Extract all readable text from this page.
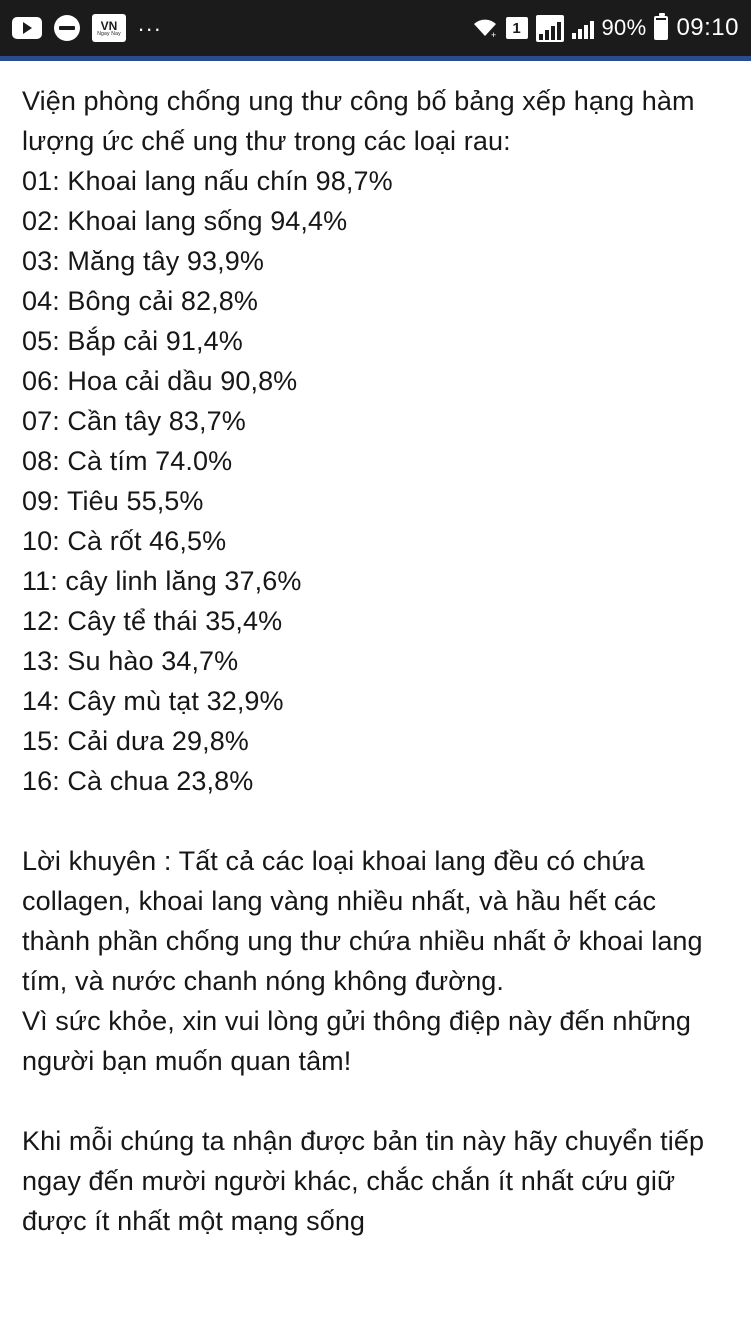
VN
Ngay Nay ...	+	1	90% 09:10

Viện phòng chống ung thư công bố bảng xếp hạng hàm lượng ức chế ung thư trong các loại rau:

01: Khoai lang nấu chín 98,7%
02: Khoai lang sống 94,4%
03: Măng tây 93,9%
04: Bông cải 82,8%
05: Bắp cải 91,4%
06: Hoa cải dầu 90,8%
07: Cần tây 83,7%
08: Cà tím 74.0%
09: Tiêu 55,5%
10: Cà rốt 46,5%
11: cây linh lăng 37,6%
12: Cây tể thái 35,4%
13: Su hào 34,7%
14: Cây mù tạt 32,9%
15: Cải dưa 29,8%
16: Cà chua 23,8%

Lời khuyên : Tất cả các loại khoai lang đều có chứa collagen, khoai lang vàng nhiều nhất, và hầu hết các thành phần chống ung thư chứa nhiều nhất ở khoai lang tím, và nước chanh nóng không đường.

Vì sức khỏe, xin vui lòng gửi thông điệp này đến những người bạn muốn quan tâm!

Khi mỗi chúng ta nhận được bản tin này hãy chuyển tiếp ngay đến mười người khác, chắc chắn ít nhất cứu giữ được ít nhất một mạng sống
